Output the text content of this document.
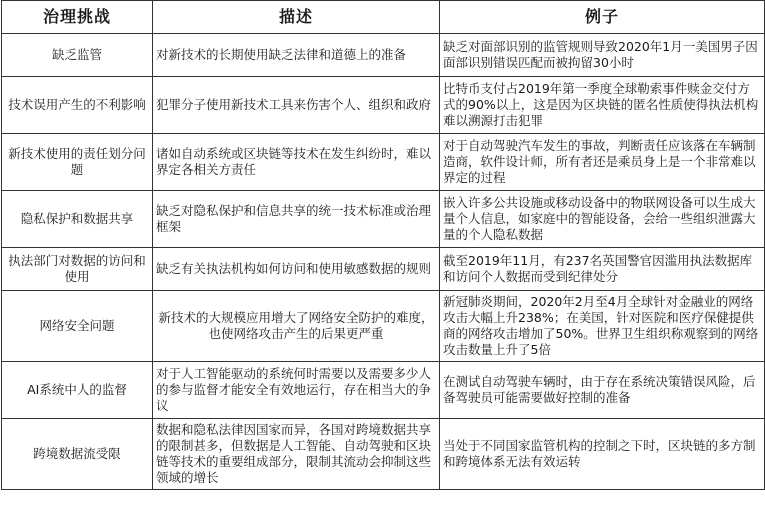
治理挑战	描述	例子
缺乏监管	对新技术的长期使用缺乏法律和道德上的准备	缺乏对面部识别的监管规则导致2020年1月一美国男子因面部识别错误匹配而被拘留30小时
技术误用产生的不利影响	犯罪分子使用新技术工具来伤害个人、组织和政府	比特币支付占2019年第一季度全球勒索事件赎金交付方式的90%以上，这是因为区块链的匿名性质使得执法机构难以溯源打击犯罪
新技术使用的责任划分问题	诸如自动系统或区块链等技术在发生纠纷时，难以界定各相关方责任	对于自动驾驶汽车发生的事故，判断责任应该落在车辆制造商，软件设计师，所有者还是乘员身上是一个非常难以界定的过程
隐私保护和数据共享	缺乏对隐私保护和信息共享的统一技术标准或治理框架	嵌入许多公共设施或移动设备中的物联网设备可以生成大量个人信息，如家庭中的智能设备，会给一些组织泄露大量的个人隐私数据
执法部门对数据的访问和使用	缺乏有关执法机构如何访问和使用敏感数据的规则	截至2019年11月，有237名英国警官因滥用执法数据库和访问个人数据而受到纪律处分
网络安全问题	新技术的大规模应用增大了网络安全防护的难度，也使网络攻击产生的后果更严重	新冠肺炎期间，2020年2月至4月全球针对金融业的网络攻击大幅上升238%；在美国，针对医院和医疗保健提供商的网络攻击增加了50%。世界卫生组织称观察到的网络攻击数量上升了5倍
AI系统中人的监督	对于人工智能驱动的系统何时需要以及需要多少人的参与监督才能安全有效地运行，存在相当大的争议	在测试自动驾驶车辆时，由于存在系统决策错误风险，后备驾驶员可能需要做好控制的准备
跨境数据流受限	数据和隐私法律因国家而异，各国对跨境数据共享的限制甚多，但数据是人工智能、自动驾驶和区块链等技术的重要组成部分，限制其流动会抑制这些领域的增长	当处于不同国家监管机构的控制之下时，区块链的多方制和跨境体系无法有效运转
